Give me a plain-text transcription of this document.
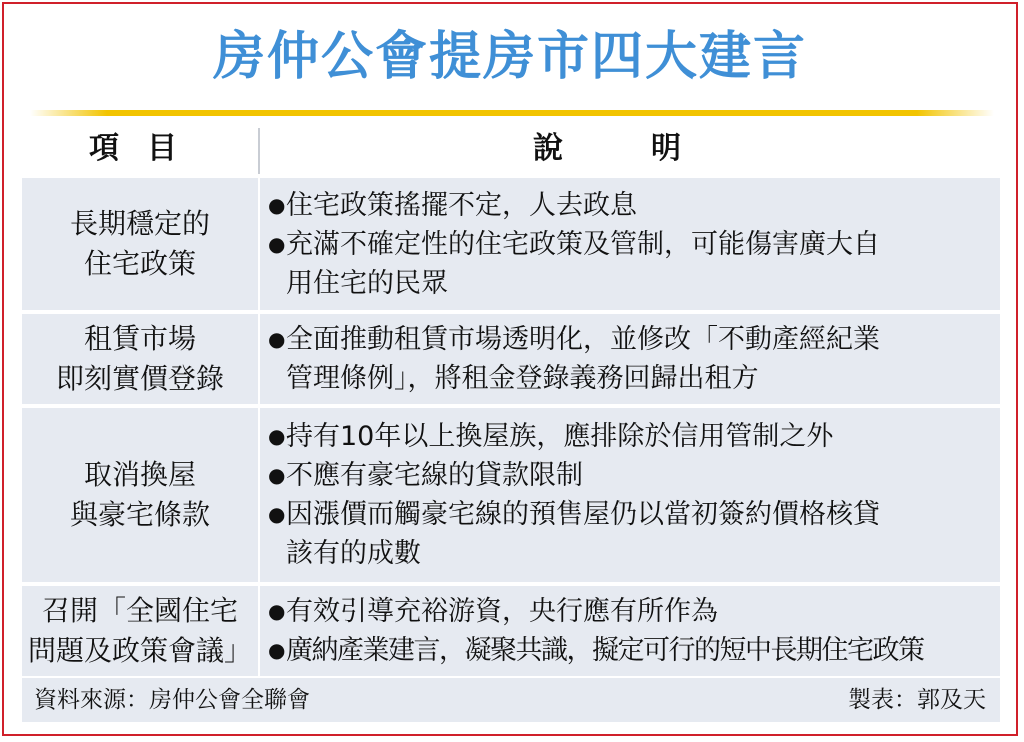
房仲公會提房市四大建言
項目	說明
長期穩定的
住宅政策
● 住宅政策搖擺不定，人去政息
● 充滿不確定性的住宅政策及管制，可能傷害廣大自
用住宅的民眾
租賃市場
即刻實價登錄
● 全面推動租賃市場透明化，並修改「不動產經紀業
管理條例」，將租金登錄義務回歸出租方
取消換屋
與豪宅條款
● 持有10年以上換屋族，應排除於信用管制之外
● 不應有豪宅線的貸款限制
● 因漲價而觸豪宅線的預售屋仍以當初簽約價格核貸
該有的成數
召開「全國住宅
問題及政策會議」
● 有效引導充裕游資，央行應有所作為
● 廣納產業建言，凝聚共識，擬定可行的短中長期住宅政策
資料來源：房仲公會全聯會	製表：郭及天
